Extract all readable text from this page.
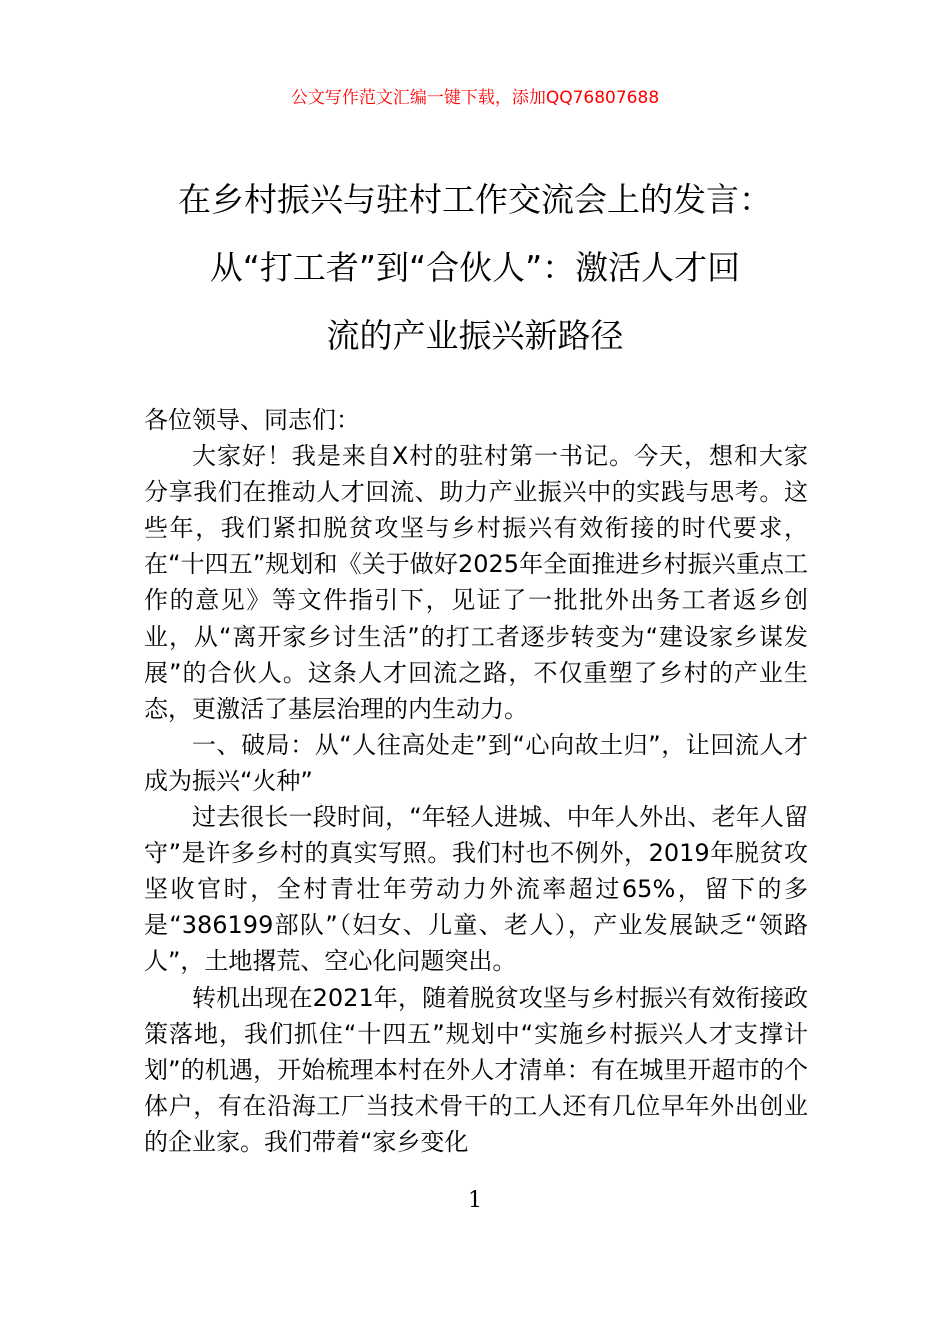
公文写作范文汇编一键下载，添加QQ76807688
在乡村振兴与驻村工作交流会上的发言：
从“打工者”到“合伙人”：激活人才回
流的产业振兴新路径

各位领导、同志们：

大家好！我是来自X村的驻村第一书记。今天，想和大家分享我们在推动人才回流、助力产业振兴中的实践与思考。这些年，我们紧扣脱贫攻坚与乡村振兴有效衔接的时代要求，在“十四五”规划和《关于做好2025年全面推进乡村振兴重点工作的意见》等文件指引下，见证了一批批外出务工者返乡创业，从“离开家乡讨生活”的打工者逐步转变为“建设家乡谋发展”的合伙人。这条人才回流之路，不仅重塑了乡村的产业生态，更激活了基层治理的内生动力。

一、破局：从“人往高处走”到“心向故土归”，让回流人才成为振兴“火种”

过去很长一段时间，“年轻人进城、中年人外出、老年人留守”是许多乡村的真实写照。我们村也不例外，2019年脱贫攻坚收官时，全村青壮年劳动力外流率超过65%，留下的多是“386199部队”（妇女、儿童、老人），产业发展缺乏“领路人”，土地撂荒、空心化问题突出。

转机出现在2021年，随着脱贫攻坚与乡村振兴有效衔接政策落地，我们抓住“十四五”规划中“实施乡村振兴人才支撑计划”的机遇，开始梳理本村在外人才清单：有在城里开超市的个体户，有在沿海工厂当技术骨干的工人还有几位早年外出创业的企业家。我们带着“家乡变化

1
